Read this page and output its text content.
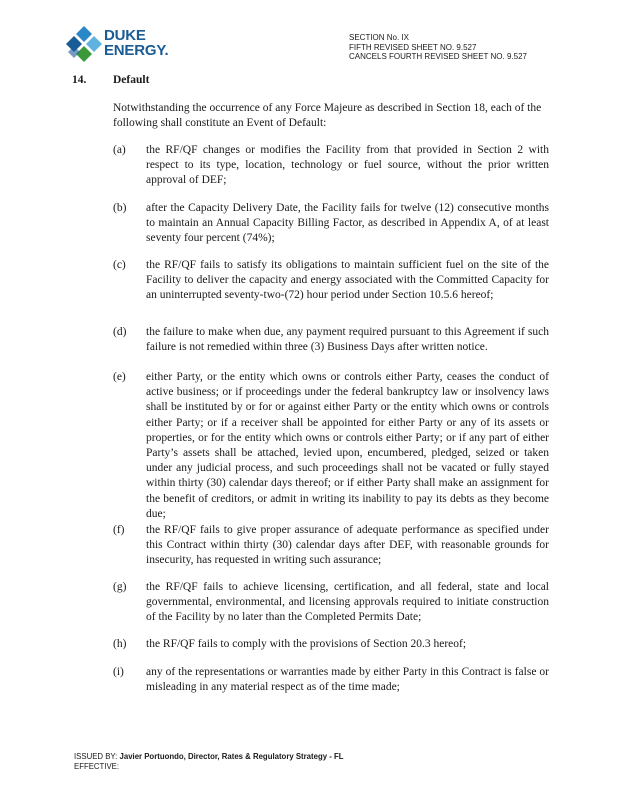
DUKE
ENERGY.
SECTION No. IX
FIFTH REVISED SHEET NO. 9.527
CANCELS FOURTH REVISED SHEET NO. 9.527
14.	Default
Notwithstanding the occurrence of any Force Majeure as described in Section 18, each of the following shall constitute an Event of Default:
(a)	the RF/QF changes or modifies the Facility from that provided in Section 2 with respect to its type, location, technology or fuel source, without the prior written approval of DEF;
(b)	after the Capacity Delivery Date, the Facility fails for twelve (12) consecutive months to maintain an Annual Capacity Billing Factor, as described in Appendix A, of at least seventy four percent (74%);
(c)	the RF/QF fails to satisfy its obligations to maintain sufficient fuel on the site of the Facility to deliver the capacity and energy associated with the Committed Capacity for an uninterrupted seventy-two-(72) hour period under Section 10.5.6 hereof;
(d)	the failure to make when due, any payment required pursuant to this Agreement if such failure is not remedied within three (3) Business Days after written notice.
(e)	either Party, or the entity which owns or controls either Party, ceases the conduct of active business; or if proceedings under the federal bankruptcy law or insolvency laws shall be instituted by or for or against either Party or the entity which owns or controls either Party; or if a receiver shall be appointed for either Party or any of its assets or properties, or for the entity which owns or controls either Party; or if any part of either Party’s assets shall be attached, levied upon, encumbered, pledged, seized or taken under any judicial process, and such proceedings shall not be vacated or fully stayed within thirty (30) calendar days thereof; or if either Party shall make an assignment for the benefit of creditors, or admit in writing its inability to pay its debts as they become due;
(f)	the RF/QF fails to give proper assurance of adequate performance as specified under this Contract within thirty (30) calendar days after DEF, with reasonable grounds for insecurity, has requested in writing such assurance;
(g)	the RF/QF fails to achieve licensing, certification, and all federal, state and local governmental, environmental, and licensing approvals required to initiate construction of the Facility by no later than the Completed Permits Date;
(h)	the RF/QF fails to comply with the provisions of Section 20.3 hereof;
(i)	any of the representations or warranties made by either Party in this Contract is false or misleading in any material respect as of the time made;
ISSUED BY: Javier Portuondo, Director, Rates & Regulatory Strategy - FL
EFFECTIVE:
